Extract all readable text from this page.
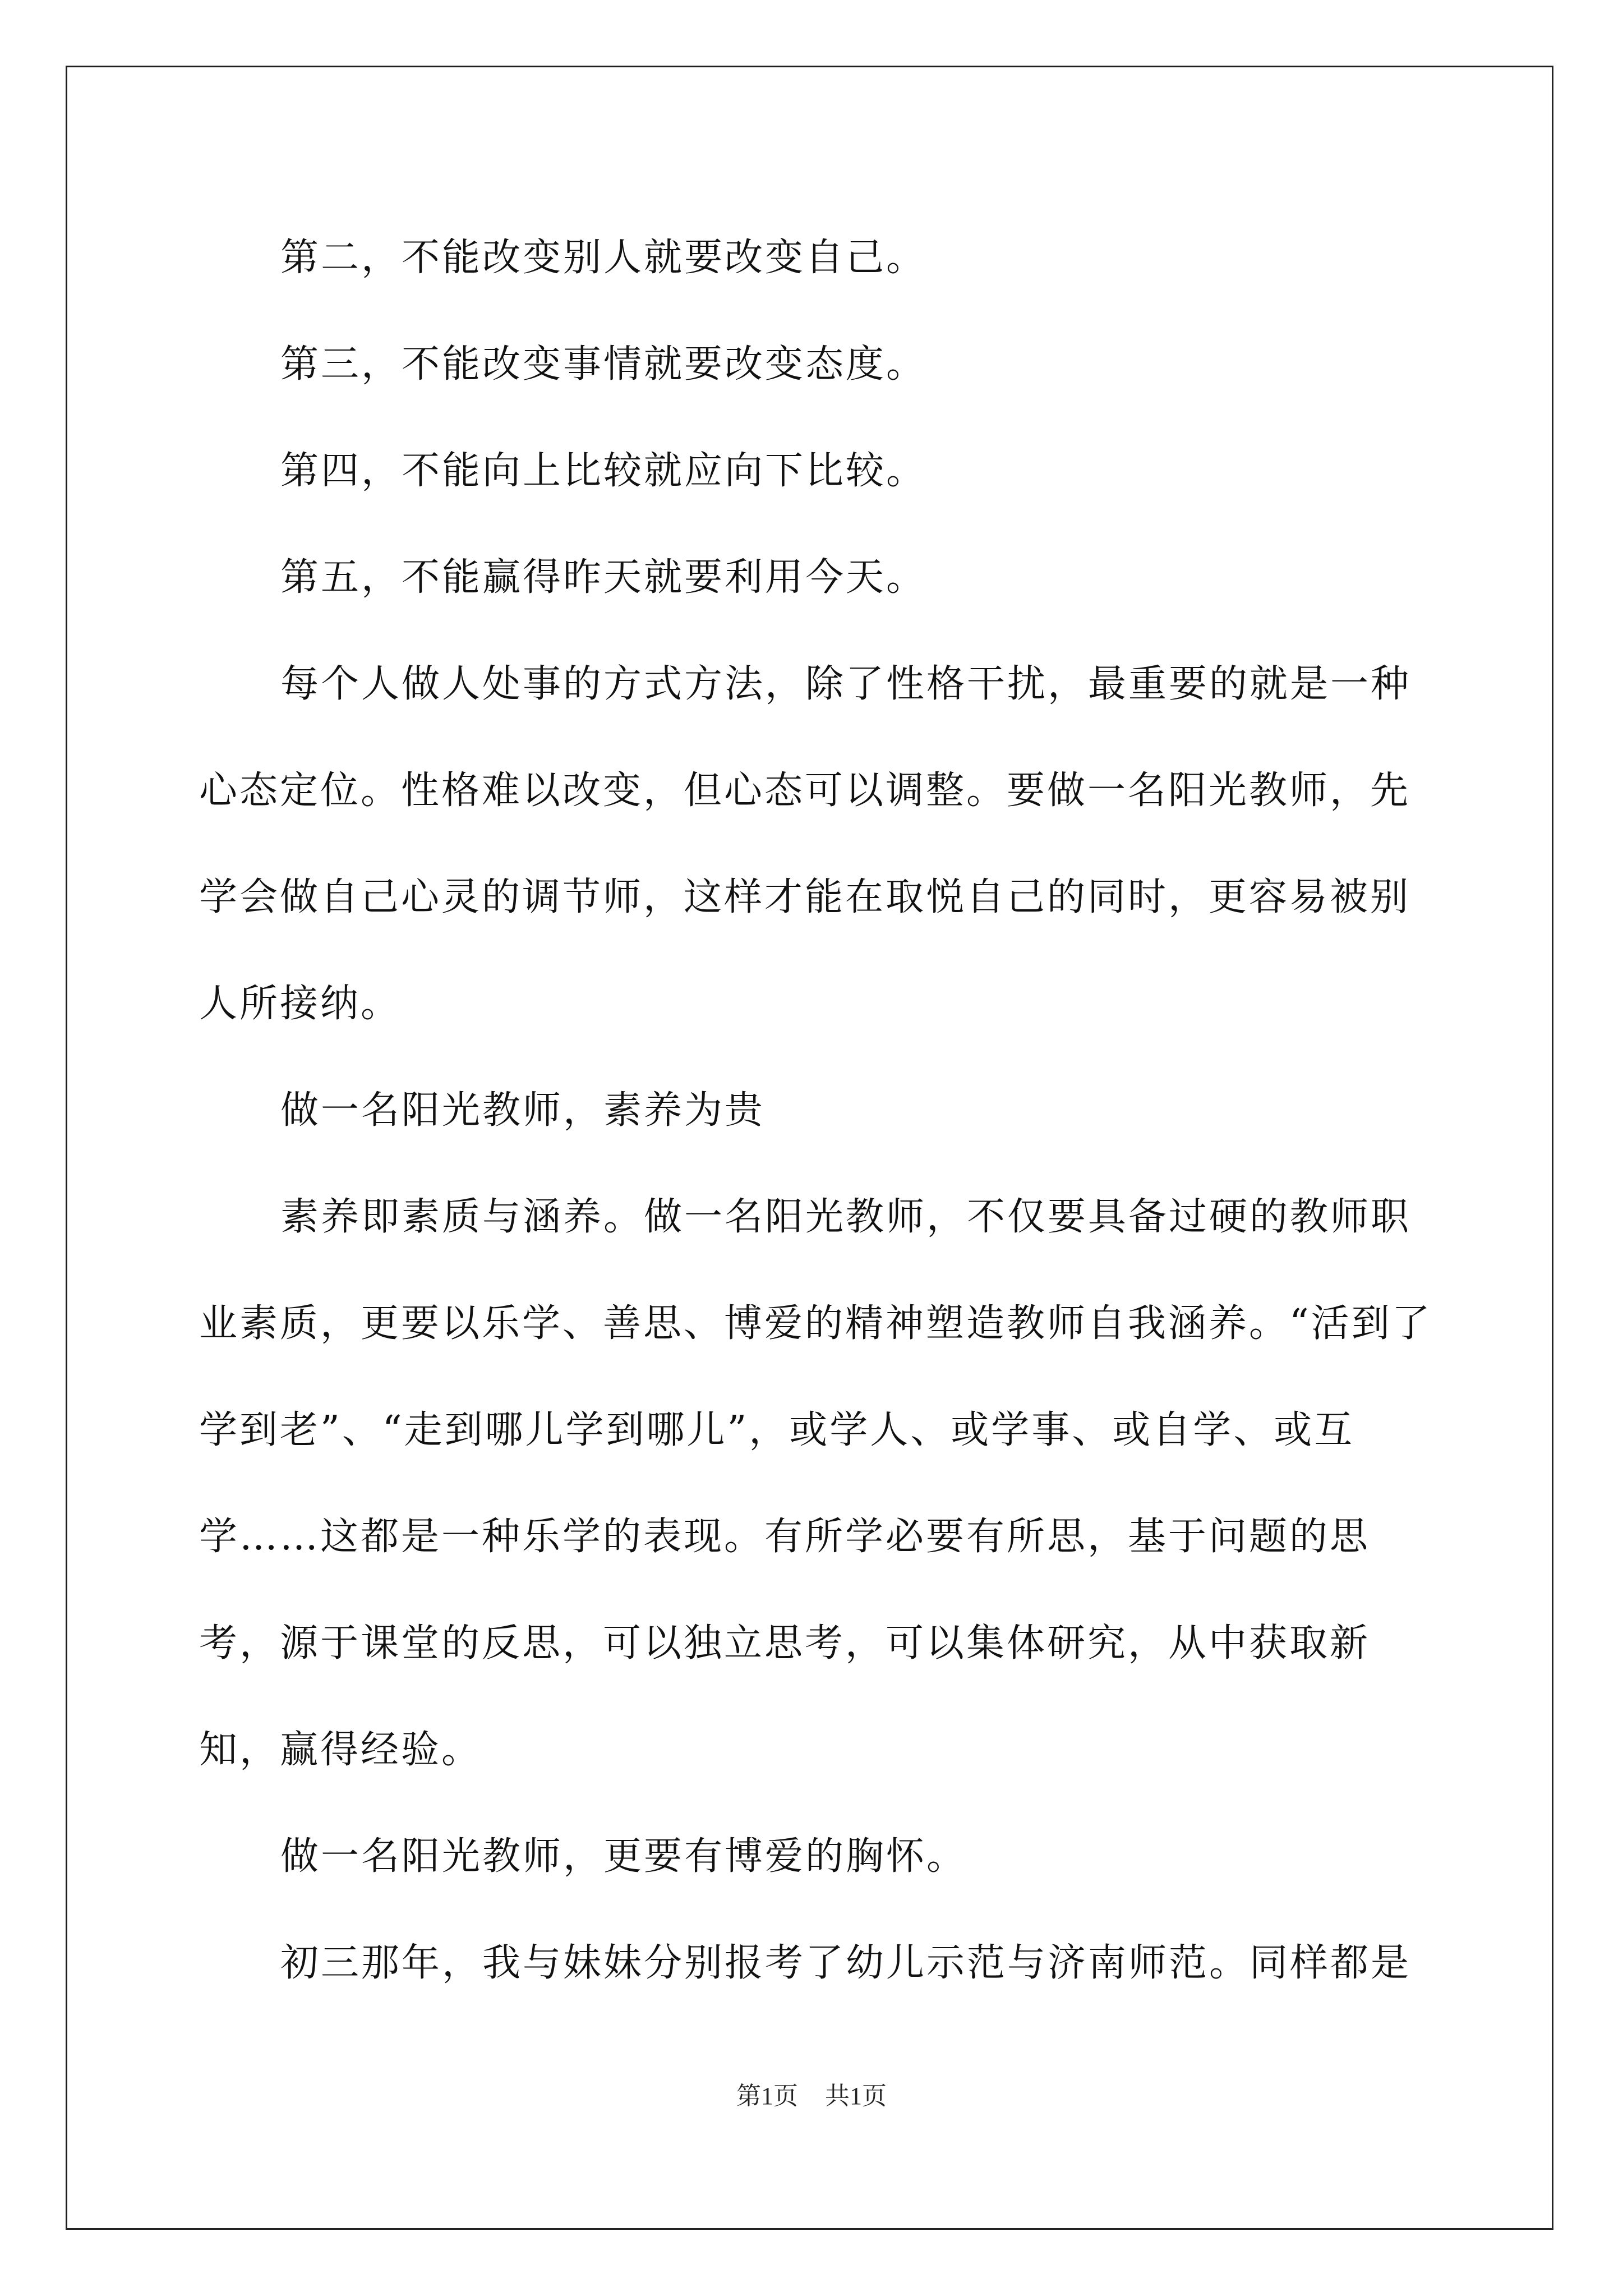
第二，不能改变别人就要改变自己。

第三，不能改变事情就要改变态度。

第四，不能向上比较就应向下比较。

第五，不能赢得昨天就要利用今天。

每个人做人处事的方式方法，除了性格干扰，最重要的就是一种心态定位。性格难以改变，但心态可以调整。要做一名阳光教师，先学会做自己心灵的调节师，这样才能在取悦自己的同时，更容易被别人所接纳。

做一名阳光教师，素养为贵

素养即素质与涵养。做一名阳光教师，不仅要具备过硬的教师职业素质，更要以乐学、善思、博爱的精神塑造教师自我涵养。“活到了学到老”、“走到哪儿学到哪儿”，或学人、或学事、或自学、或互学……这都是一种乐学的表现。有所学必要有所思，基于问题的思考，源于课堂的反思，可以独立思考，可以集体研究，从中获取新知，赢得经验。

做一名阳光教师，更要有博爱的胸怀。

初三那年，我与妹妹分别报考了幼儿示范与济南师范。同样都是

第1页 共1页
